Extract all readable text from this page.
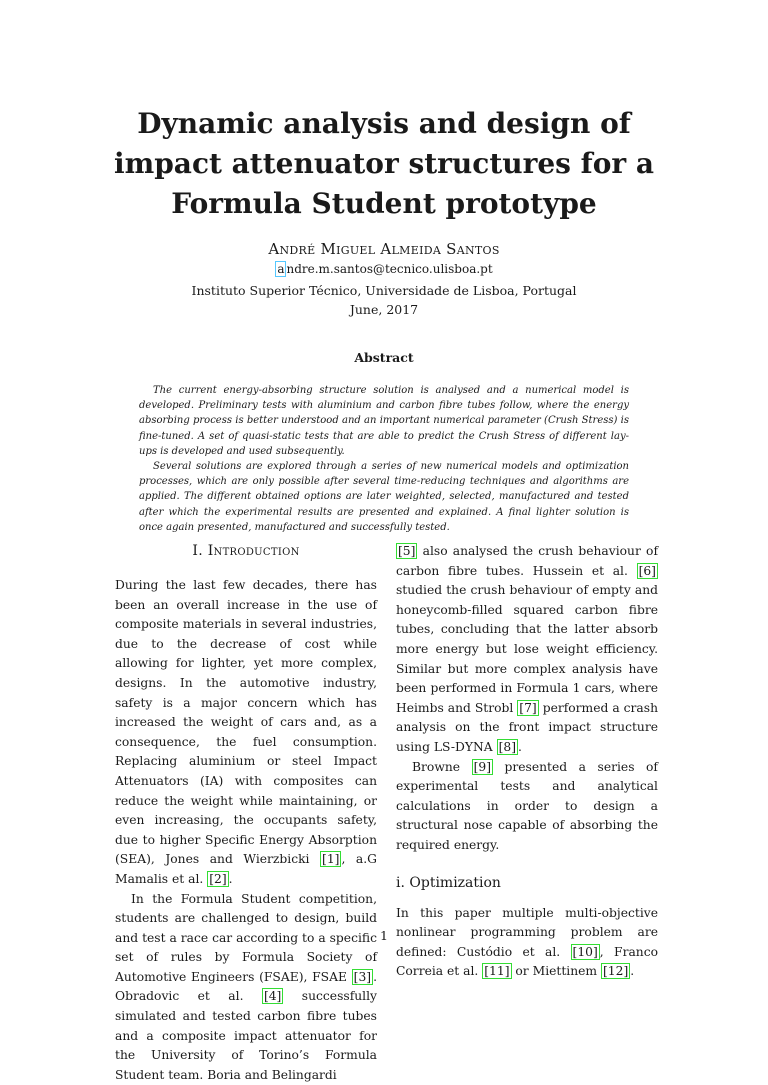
Dynamic analysis and design of impact attenuator structures for a Formula Student prototype
André Miguel Almeida Santos
a ndre.m.santos@tecnico.ulisboa.pt
Instituto Superior Técnico, Universidade de Lisboa, Portugal
June, 2017
Abstract

The current energy-absorbing structure solution is analysed and a numerical model is developed. Preliminary tests with aluminium and carbon fibre tubes follow, where the energy absorbing process is better understood and an important numerical parameter (Crush Stress) is fine-tuned. A set of quasi-static tests that are able to predict the Crush Stress of different lay-ups is developed and used subsequently.

Several solutions are explored through a series of new numerical models and optimization processes, which are only possible after several time-reducing techniques and algorithms are applied. The different obtained options are later weighted, selected, manufactured and tested after which the experimental results are presented and explained. A final lighter solution is once again presented, manufactured and successfully tested.

I. Introduction

During the last few decades, there has been an overall increase in the use of composite materials in several industries, due to the decrease of cost while allowing for lighter, yet more complex, designs. In the automotive industry, safety is a major concern which has increased the weight of cars and, as a consequence, the fuel consumption. Replacing aluminium or steel Impact Attenuators (IA) with composites can reduce the weight while maintaining, or even increasing, the occupants safety, due to higher Specific Energy Absorption (SEA), Jones and Wierzbicki [1] , a.G Mamalis et al. [2] .

In the Formula Student competition, students are challenged to design, build and test a race car according to a specific set of rules by Formula Society of Automotive Engineers (FSAE), FSAE [3] . Obradovic et al. [4] successfully simulated and tested carbon fibre tubes and a composite impact attenuator for the University of Torino’s Formula Student team. Boria and Belingardi

[5] also analysed the crush behaviour of carbon fibre tubes. Hussein et al. [6] studied the crush behaviour of empty and honeycomb-filled squared carbon fibre tubes, concluding that the latter absorb more energy but lose weight efficiency. Similar but more complex analysis have been performed in Formula 1 cars, where Heimbs and Strobl [7] performed a crash analysis on the front impact structure using LS-DYNA [8] .

Browne [9] presented a series of experimental tests and analytical calculations in order to design a structural nose capable of absorbing the required energy.

i. Optimization

In this paper multiple multi-objective nonlinear programming problem are defined: Custódio et al. [10] , Franco Correia et al. [11] or Miettinem [12] .

1
